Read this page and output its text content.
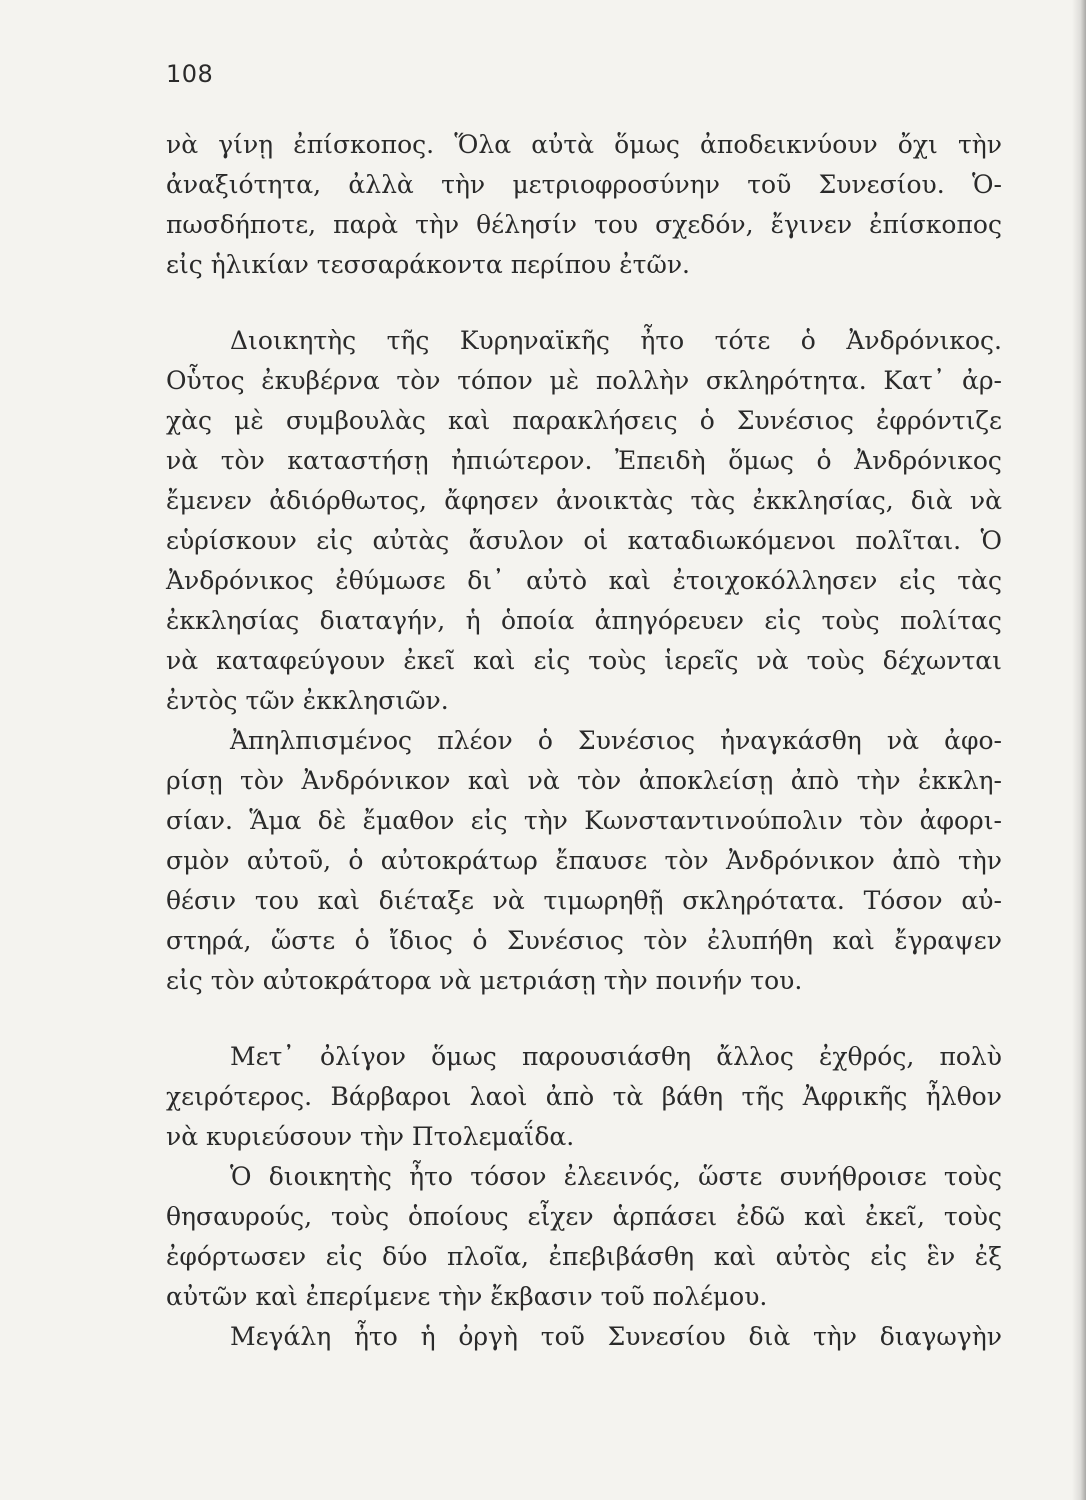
108
νὰ γίνῃ ἐπίσκοπος. Ὅλα αὐτὰ ὅμως ἀποδεικνύουν ὄχι τὴν
ἀναξιότητα, ἀλλὰ τὴν μετριοφροσύνην τοῦ Συνεσίου. Ὁ-
πωσδήποτε, παρὰ τὴν θέλησίν του σχεδόν, ἔγινεν ἐπίσκοπος
εἰς ἡλικίαν τεσσαράκοντα περίπου ἐτῶν.
Διοικητὴς τῆς Κυρηναϊκῆς ἦτο τότε ὁ Ἀνδρόνικος.
Οὗτος ἐκυβέρνα τὸν τόπον μὲ πολλὴν σκληρότητα. Κατ᾿ ἀρ-
χὰς μὲ συμβουλὰς καὶ παρακλήσεις ὁ Συνέσιος ἐφρόντιζε
νὰ τὸν καταστήσῃ ἠπιώτερον. Ἐπειδὴ ὅμως ὁ Ἀνδρόνικος
ἔμενεν ἀδιόρθωτος, ἄφησεν ἀνοικτὰς τὰς ἐκκλησίας, διὰ νὰ
εὑρίσκουν εἰς αὐτὰς ἄσυλον οἱ καταδιωκόμενοι πολῖται. Ὁ
Ἀνδρόνικος ἐθύμωσε δι᾿ αὐτὸ καὶ ἐτοιχοκόλλησεν εἰς τὰς
ἐκκλησίας διαταγήν, ἡ ὁποία ἀπηγόρευεν εἰς τοὺς πολίτας
νὰ καταφεύγουν ἐκεῖ καὶ εἰς τοὺς ἱερεῖς νὰ τοὺς δέχωνται
ἐντὸς τῶν ἐκκλησιῶν.
Ἀπηλπισμένος πλέον ὁ Συνέσιος ἠναγκάσθη νὰ ἀφο-
ρίσῃ τὸν Ἀνδρόνικον καὶ νὰ τὸν ἀποκλείσῃ ἀπὸ τὴν ἐκκλη-
σίαν. Ἅμα δὲ ἔμαθον εἰς τὴν Κωνσταντινούπολιν τὸν ἀφορι-
σμὸν αὐτοῦ, ὁ αὐτοκράτωρ ἔπαυσε τὸν Ἀνδρόνικον ἀπὸ τὴν
θέσιν του καὶ διέταξε νὰ τιμωρηθῇ σκληρότατα. Τόσον αὐ-
στηρά, ὥστε ὁ ἴδιος ὁ Συνέσιος τὸν ἐλυπήθη καὶ ἔγραψεν
εἰς τὸν αὐτοκράτορα νὰ μετριάσῃ τὴν ποινήν του.
Μετ᾿ ὀλίγον ὅμως παρουσιάσθη ἄλλος ἐχθρός, πολὺ
χειρότερος. Βάρβαροι λαοὶ ἀπὸ τὰ βάθη τῆς Ἀφρικῆς ἦλθον
νὰ κυριεύσουν τὴν Πτολεμαΐδα.
Ὁ διοικητὴς ἦτο τόσον ἐλεεινός, ὥστε συνήθροισε τοὺς
θησαυρούς, τοὺς ὁποίους εἶχεν ἁρπάσει ἐδῶ καὶ ἐκεῖ, τοὺς
ἐφόρτωσεν εἰς δύο πλοῖα, ἐπεβιβάσθη καὶ αὐτὸς εἰς ἓν ἐξ
αὐτῶν καὶ ἐπερίμενε τὴν ἔκβασιν τοῦ πολέμου.
Μεγάλη ἦτο ἡ ὀργὴ τοῦ Συνεσίου διὰ τὴν διαγωγὴν
